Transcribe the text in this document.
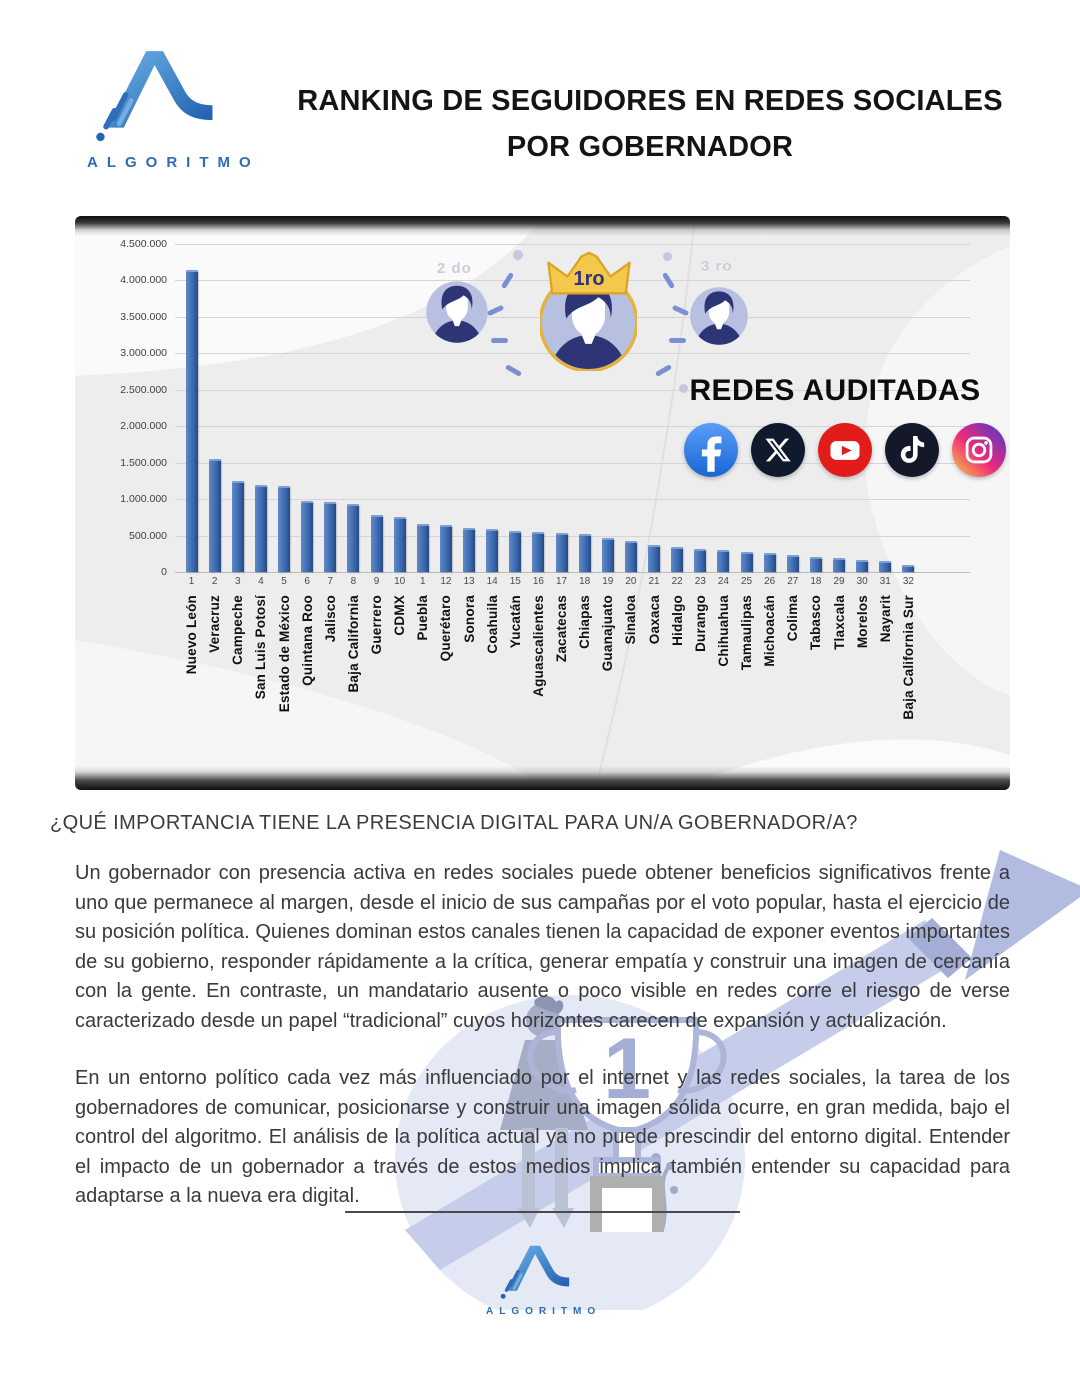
ALGORITMO
RANKING DE SEGUIDORES EN REDES SOCIALES
POR GOBERNADOR
4.500.000
4.000.000
3.500.000
3.000.000
2.500.000
2.000.000
1.500.000
1.000.000
500.000
0
1	2	3	4	5	6	7	8	9	10	1	12	13	14	15	16	17	18	19	20	21	22	23	24	25	26	27	18	29	30	31	32
Nuevo León Veracruz Campeche San Luis Potosí Estado de México Quintana Roo Jalisco Baja California Guerrero CDMX Puebla Querétaro Sonora Coahuila Yucatán Aguascalientes Zacatecas Chiapas Guanajuato Sinaloa Oaxaca Hidalgo Durango Chihuahua Tamaulipas Michoacán Colima Tabasco Tlaxcala Morelos Nayarit Baja California Sur
2 do	3 ro
1ro
REDES AUDITADAS
1
¿QUÉ IMPORTANCIA TIENE LA PRESENCIA DIGITAL PARA UN/A GOBERNADOR/A?

Un gobernador con presencia activa en redes sociales puede obtener beneficios significativos frente a uno que permanece al margen, desde el inicio de sus campañas por el voto popular, hasta el ejercicio de su posición política. Quienes dominan estos canales tienen la capacidad de exponer eventos importantes de su gobierno, responder rápidamente a la crítica, generar empatía y construir una imagen de cercanía con la gente. En contraste, un mandatario ausente o poco visible en redes corre el riesgo de verse caracterizado desde un papel “tradicional” cuyos horizontes carecen de expansión y actualización.

En un entorno político cada vez más influenciado por el internet y las redes sociales, la tarea de los gobernadores de comunicar, posicionarse y construir una imagen sólida ocurre, en gran medida, bajo el control del algoritmo. El análisis de la política actual ya no puede prescindir del entorno digital. Entender el impacto de un gobernador a través de estos medios implica también entender su capacidad para adaptarse a la nueva era digital.

ALGORITMO
